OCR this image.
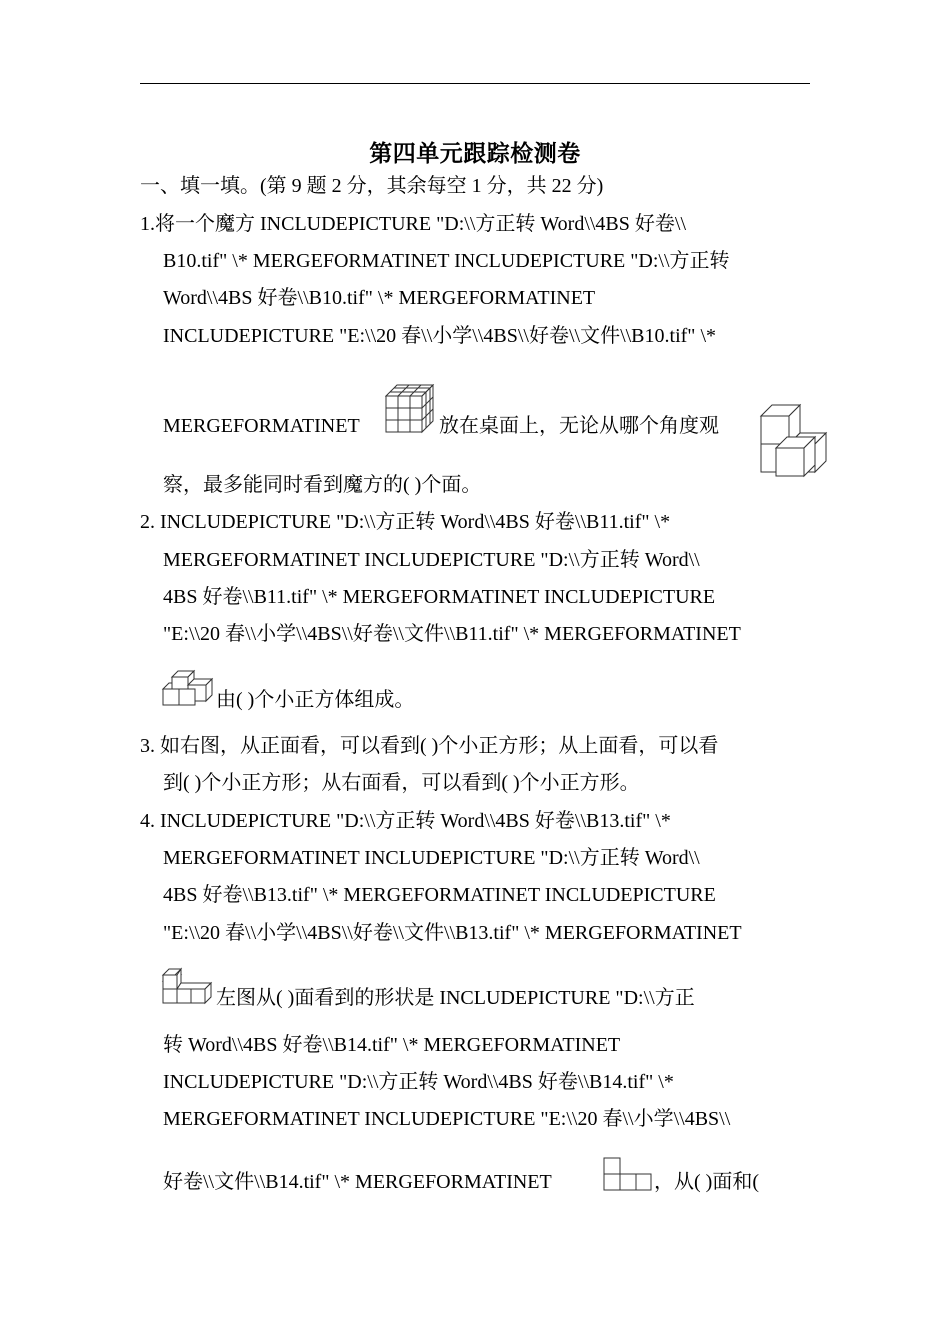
第四单元跟踪检测卷
一、填一填。(第 9 题 2 分，其余每空 1 分，共 22 分)
1.将一个魔方 INCLUDEPICTURE "D:\\方正转 Word\\4BS 好卷\\
B10.tif" \* MERGEFORMATINET INCLUDEPICTURE "D:\\方正转
Word\\4BS 好卷\\B10.tif" \* MERGEFORMATINET
INCLUDEPICTURE "E:\\20 春\\小学\\4BS\\好卷\\文件\\B10.tif" \*
MERGEFORMATINET	放在桌面上，无论从哪个角度观
察，最多能同时看到魔方的( )个面。
2. INCLUDEPICTURE "D:\\方正转 Word\\4BS 好卷\\B11.tif" \*
MERGEFORMATINET INCLUDEPICTURE "D:\\方正转 Word\\
4BS 好卷\\B11.tif" \* MERGEFORMATINET INCLUDEPICTURE
"E:\\20 春\\小学\\4BS\\好卷\\文件\\B11.tif" \* MERGEFORMATINET
由( )个小正方体组成。
3. 如右图，从正面看，可以看到( )个小正方形；从上面看，可以看
到( )个小正方形；从右面看，可以看到( )个小正方形。
4. INCLUDEPICTURE "D:\\方正转 Word\\4BS 好卷\\B13.tif" \*
MERGEFORMATINET INCLUDEPICTURE "D:\\方正转 Word\\
4BS 好卷\\B13.tif" \* MERGEFORMATINET INCLUDEPICTURE
"E:\\20 春\\小学\\4BS\\好卷\\文件\\B13.tif" \* MERGEFORMATINET
左图从( )面看到的形状是 INCLUDEPICTURE "D:\\方正
转 Word\\4BS 好卷\\B14.tif" \* MERGEFORMATINET
INCLUDEPICTURE "D:\\方正转 Word\\4BS 好卷\\B14.tif" \*
MERGEFORMATINET INCLUDEPICTURE "E:\\20 春\\小学\\4BS\\
好卷\\文件\\B14.tif" \* MERGEFORMATINET	，从( )面和(
